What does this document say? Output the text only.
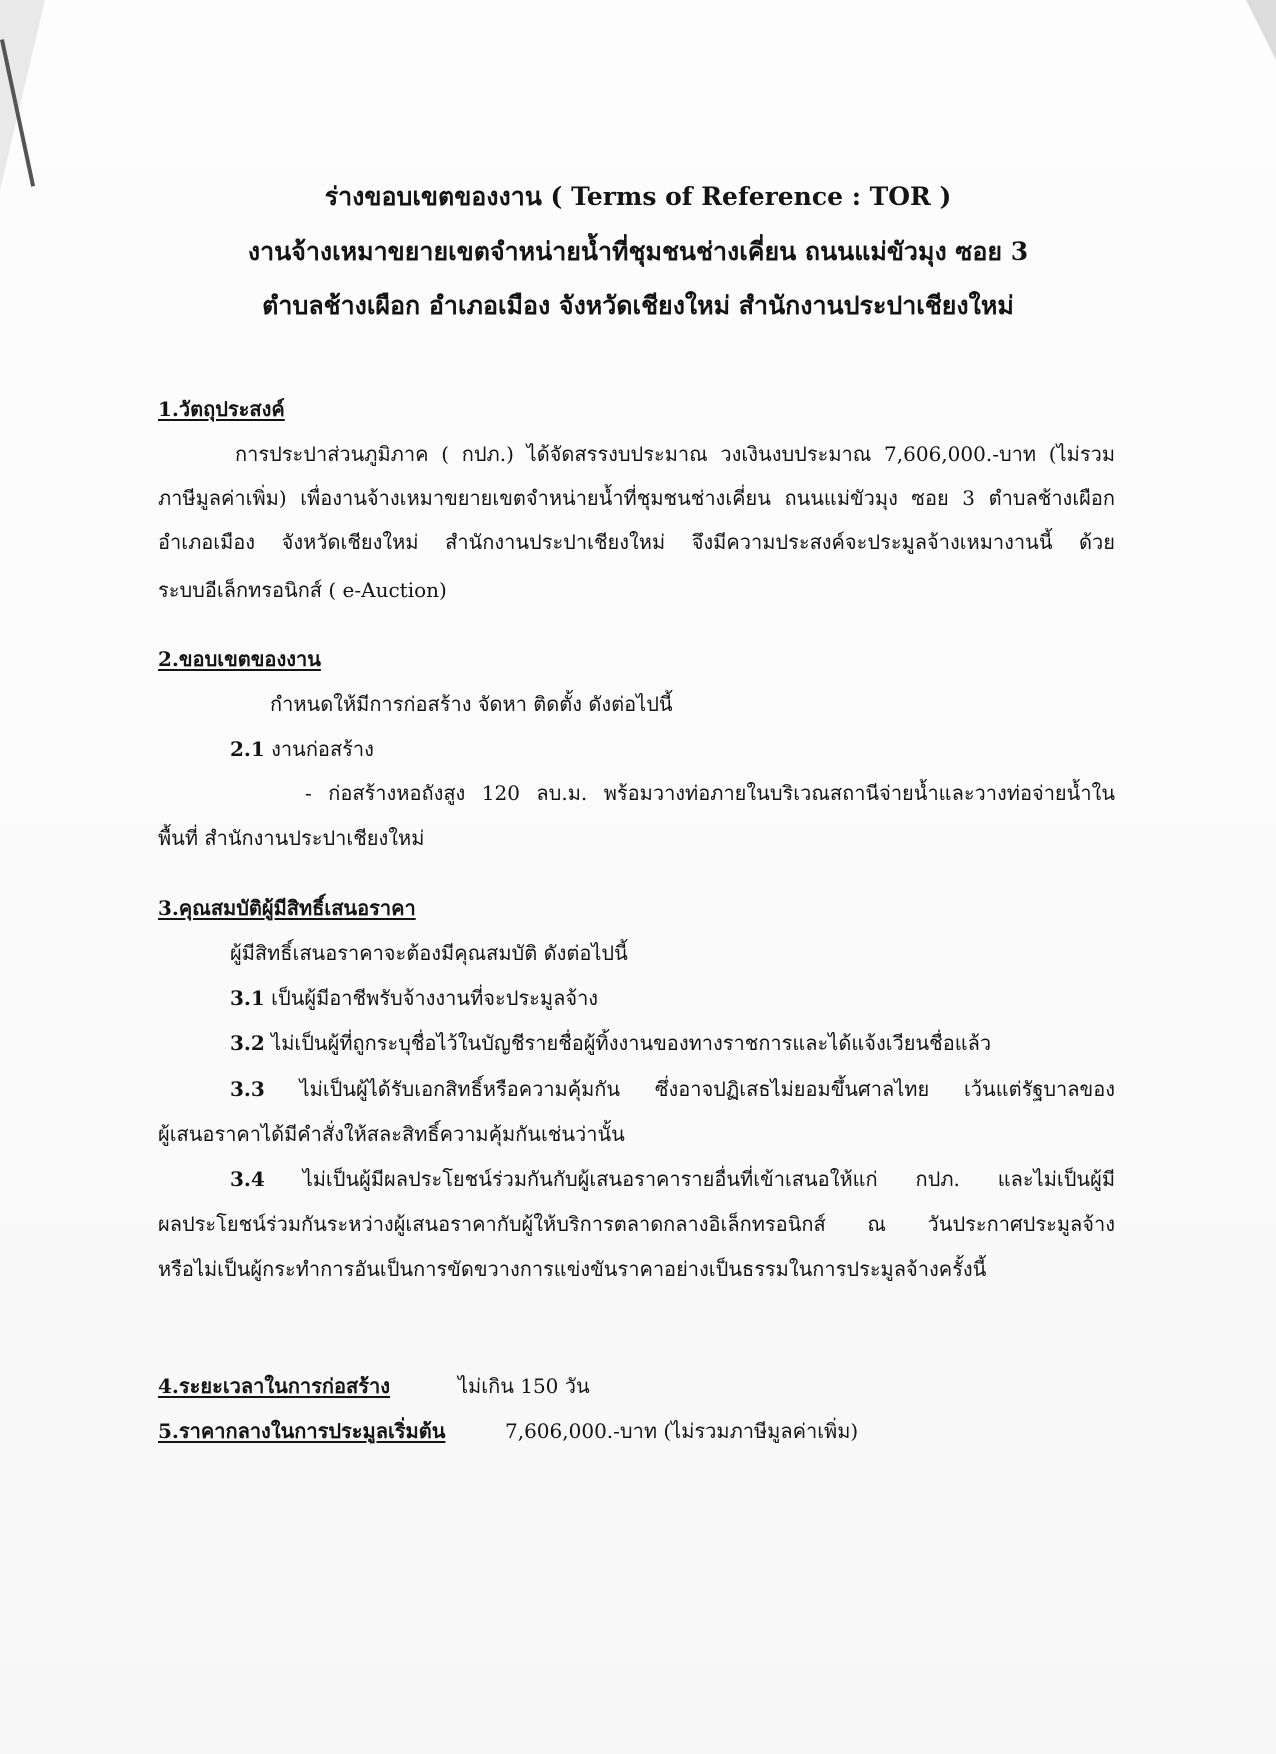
ร่างขอบเขตของงาน ( Terms of Reference : TOR )
งานจ้างเหมาขยายเขตจำหน่ายน้ำที่ชุมชนช่างเคี่ยน ถนนแม่ขัวมุง ซอย 3
ตำบลช้างเผือก อำเภอเมือง จังหวัดเชียงใหม่ สำนักงานประปาเชียงใหม่
1.วัตถุประสงค์
การประปาส่วนภูมิภาค ( กปภ.) ได้จัดสรรงบประมาณ วงเงินงบประมาณ 7,606,000.-บาท (ไม่รวม
ภาษีมูลค่าเพิ่ม) เพื่องานจ้างเหมาขยายเขตจำหน่ายน้ำที่ชุมชนช่างเคี่ยน ถนนแม่ขัวมุง ซอย 3 ตำบลช้างเผือก
อำเภอเมือง จังหวัดเชียงใหม่ สำนักงานประปาเชียงใหม่ จึงมีความประสงค์จะประมูลจ้างเหมางานนี้ ด้วย
ระบบอีเล็กทรอนิกส์ ( e-Auction)
2.ขอบเขตของงาน
กำหนดให้มีการก่อสร้าง จัดหา ติดตั้ง ดังต่อไปนี้
2.1 งานก่อสร้าง
- ก่อสร้างหอถังสูง 120 ลบ.ม. พร้อมวางท่อภายในบริเวณสถานีจ่ายน้ำและวางท่อจ่ายน้ำใน
พื้นที่ สำนักงานประปาเชียงใหม่
3.คุณสมบัติผู้มีสิทธิ์เสนอราคา
ผู้มีสิทธิ์เสนอราคาจะต้องมีคุณสมบัติ ดังต่อไปนี้
3.1 เป็นผู้มีอาชีพรับจ้างงานที่จะประมูลจ้าง
3.2 ไม่เป็นผู้ที่ถูกระบุชื่อไว้ในบัญชีรายชื่อผู้ทิ้งงานของทางราชการและได้แจ้งเวียนชื่อแล้ว
3.3 ไม่เป็นผู้ได้รับเอกสิทธิ์หรือความคุ้มกัน ซึ่งอาจปฏิเสธไม่ยอมขึ้นศาลไทย เว้นแต่รัฐบาลของ
ผู้เสนอราคาได้มีคำสั่งให้สละสิทธิ์ความคุ้มกันเช่นว่านั้น
3.4 ไม่เป็นผู้มีผลประโยชน์ร่วมกันกับผู้เสนอราคารายอื่นที่เข้าเสนอให้แก่ กปภ. และไม่เป็นผู้มี
ผลประโยชน์ร่วมกันระหว่างผู้เสนอราคากับผู้ให้บริการตลาดกลางอิเล็กทรอนิกส์ ณ วันประกาศประมูลจ้าง
หรือไม่เป็นผู้กระทำการอันเป็นการขัดขวางการแข่งขันราคาอย่างเป็นธรรมในการประมูลจ้างครั้งนี้
4.ระยะเวลาในการก่อสร้าง	ไม่เกิน 150 วัน
5.ราคากลางในการประมูลเริ่มต้น	7,606,000.-บาท (ไม่รวมภาษีมูลค่าเพิ่ม)
